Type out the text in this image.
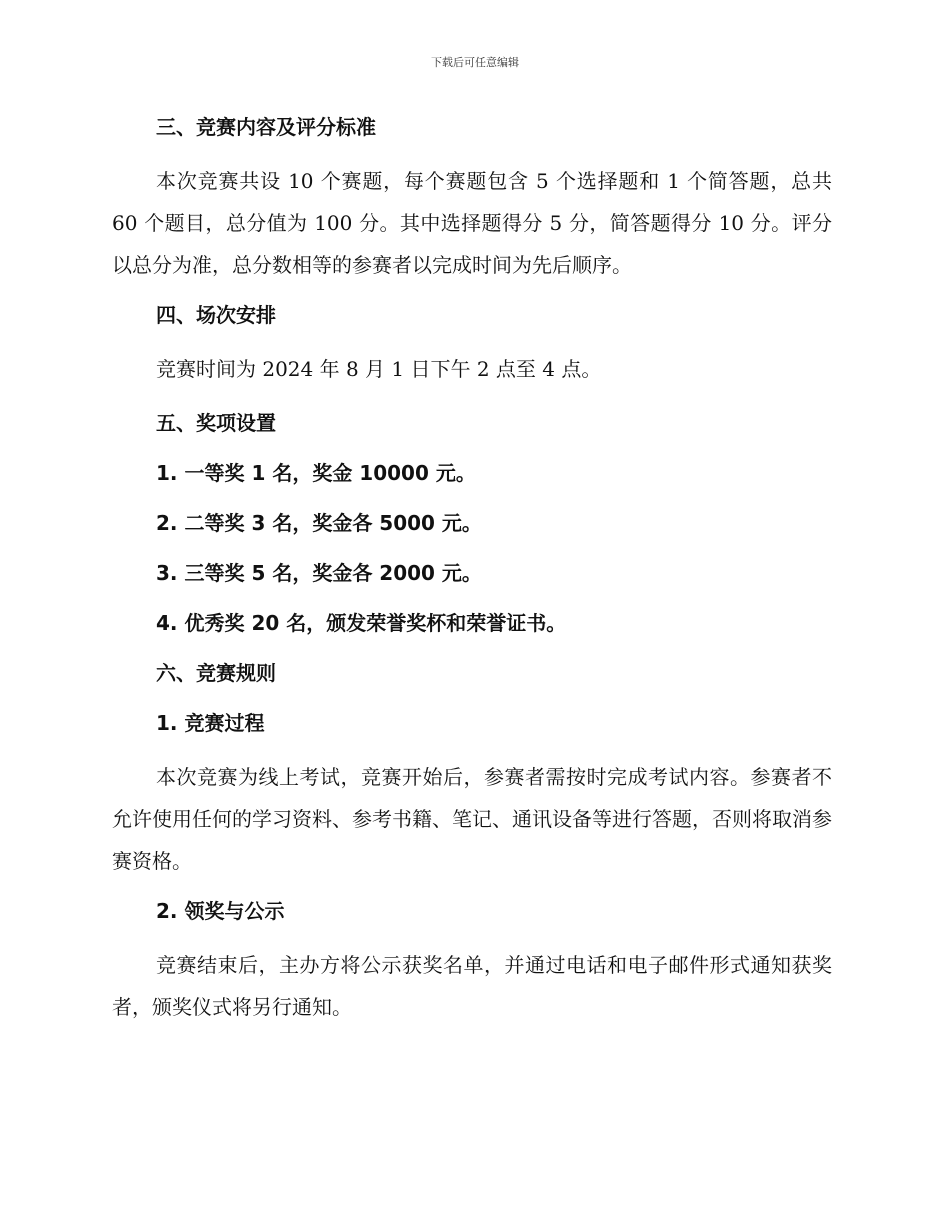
下载后可任意编辑
三、竞赛内容及评分标准
本次竞赛共设 10 个赛题，每个赛题包含 5 个选择题和 1 个简答题，总共 60 个题目，总分值为 100 分。其中选择题得分 5 分，简答题得分 10 分。评分以总分为准，总分数相等的参赛者以完成时间为先后顺序。
四、场次安排
竞赛时间为 2024 年 8 月 1 日下午 2 点至 4 点。
五、奖项设置
1. 一等奖 1 名，奖金 10000 元。
2. 二等奖 3 名，奖金各 5000 元。
3. 三等奖 5 名，奖金各 2000 元。
4. 优秀奖 20 名，颁发荣誉奖杯和荣誉证书。
六、竞赛规则
1. 竞赛过程
本次竞赛为线上考试，竞赛开始后，参赛者需按时完成考试内容。参赛者不允许使用任何的学习资料、参考书籍、笔记、通讯设备等进行答题，否则将取消参赛资格。
2. 领奖与公示
竞赛结束后，主办方将公示获奖名单，并通过电话和电子邮件形式通知获奖者，颁奖仪式将另行通知。
